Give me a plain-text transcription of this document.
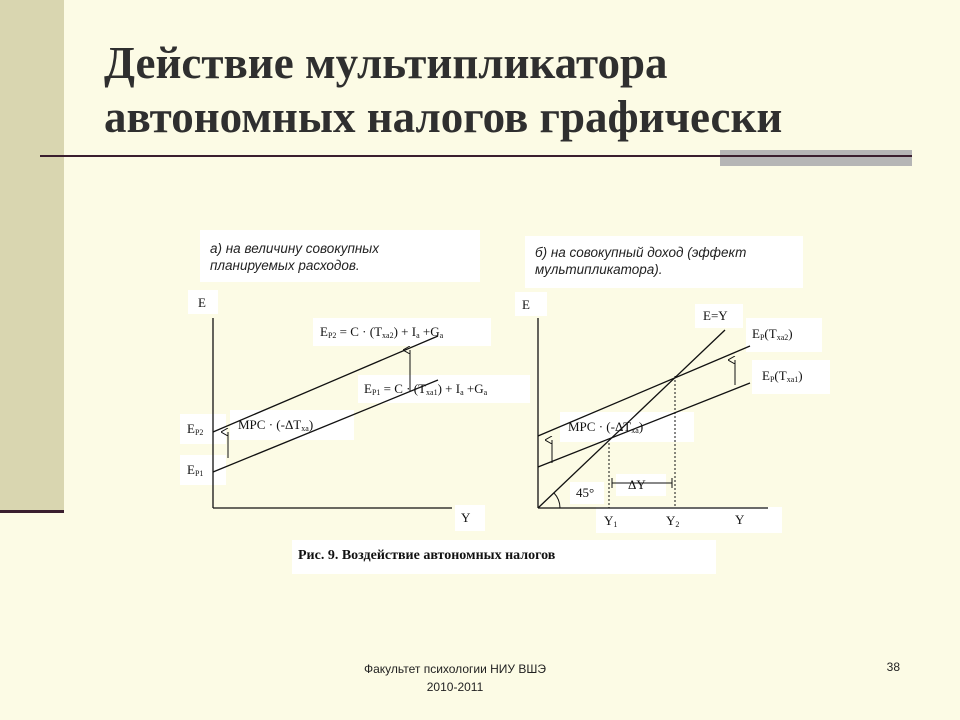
Действие мультипликатора
автономных налогов графически
а) на величину совокупных
планируемых расходов.
б) на совокупный доход (эффект
мультипликатора).
E
Y
$E_{P2} = C \cdot (T_{xa2}) + I_a +G_a$
$E_{P1} = C \cdot (T_{xa1}) + I_a +G_a$
$E_{P2}$
$E_{P1}$
MPC · $(-\Delta T_{xa})$
E
Y
E=Y
$E_P(T_{xa2})$
$E_P(T_{xa1})$
MPC · $(-\Delta T_{xa})$
45°
ΔY
$Y_1$	$Y_2$
Рис. 9. Воздействие автономных налогов
Факультет психологии НИУ ВШЭ
2010-2011
38
